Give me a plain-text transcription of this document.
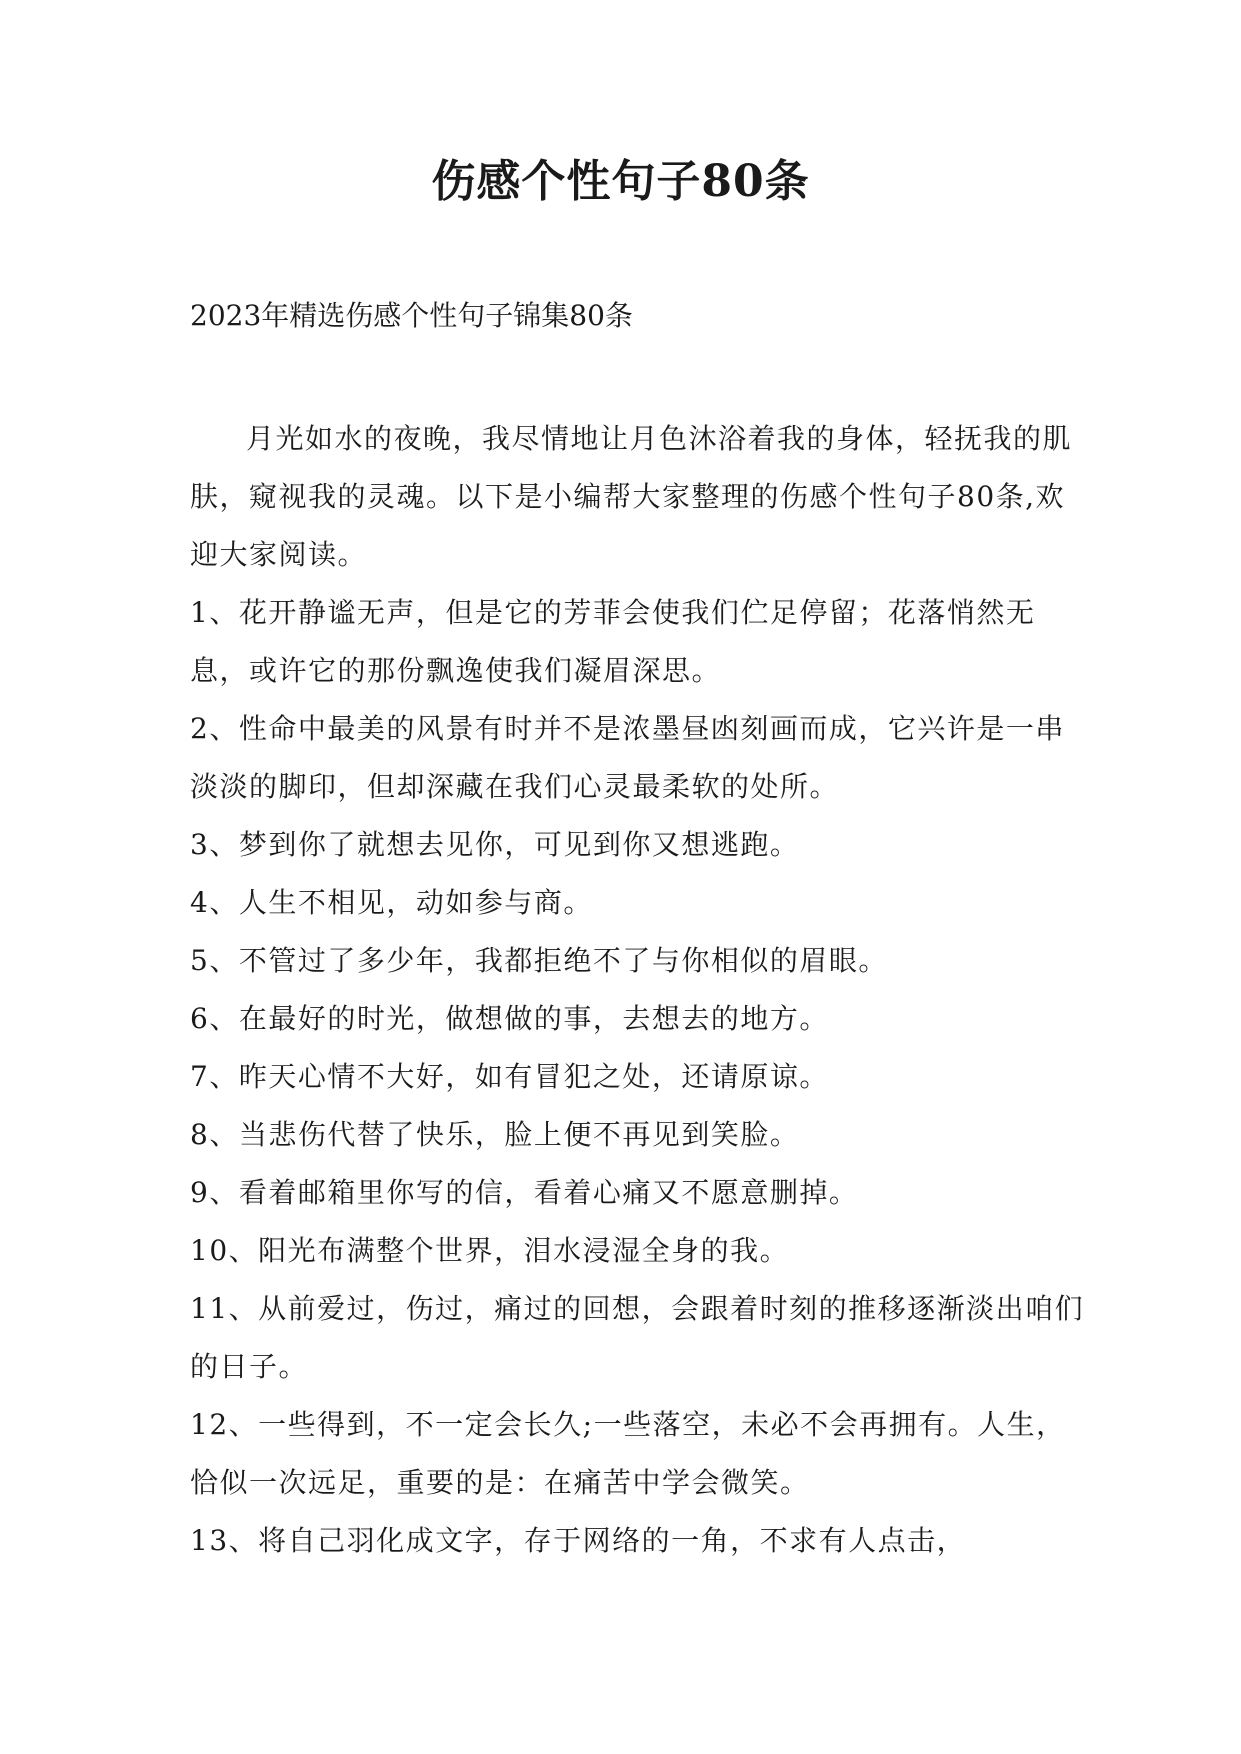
伤感个性句子80条
2023年精选伤感个性句子锦集80条

月光如水的夜晚，我尽情地让月色沐浴着我的身体，轻抚我的肌肤，窥视我的灵魂。以下是小编帮大家整理的伤感个性句子80条,欢迎大家阅读。

1、花开静谧无声，但是它的芳菲会使我们伫足停留；花落悄然无息，或许它的那份飘逸使我们凝眉深思。

2、性命中最美的风景有时并不是浓墨昼凼刻画而成，它兴许是一串淡淡的脚印，但却深藏在我们心灵最柔软的处所。

3、梦到你了就想去见你，可见到你又想逃跑。

4、人生不相见，动如参与商。

5、不管过了多少年，我都拒绝不了与你相似的眉眼。

6、在最好的时光，做想做的事，去想去的地方。

7、昨天心情不大好，如有冒犯之处，还请原谅。

8、当悲伤代替了快乐，脸上便不再见到笑脸。

9、看着邮箱里你写的信，看着心痛又不愿意删掉。

10、阳光布满整个世界，泪水浸湿全身的我。

11、从前爱过，伤过，痛过的回想，会跟着时刻的推移逐渐淡出咱们的日子。

12、一些得到，不一定会长久;一些落空，未必不会再拥有。人生，恰似一次远足，重要的是：在痛苦中学会微笑。

13、将自己羽化成文字，存于网络的一角，不求有人点击，
